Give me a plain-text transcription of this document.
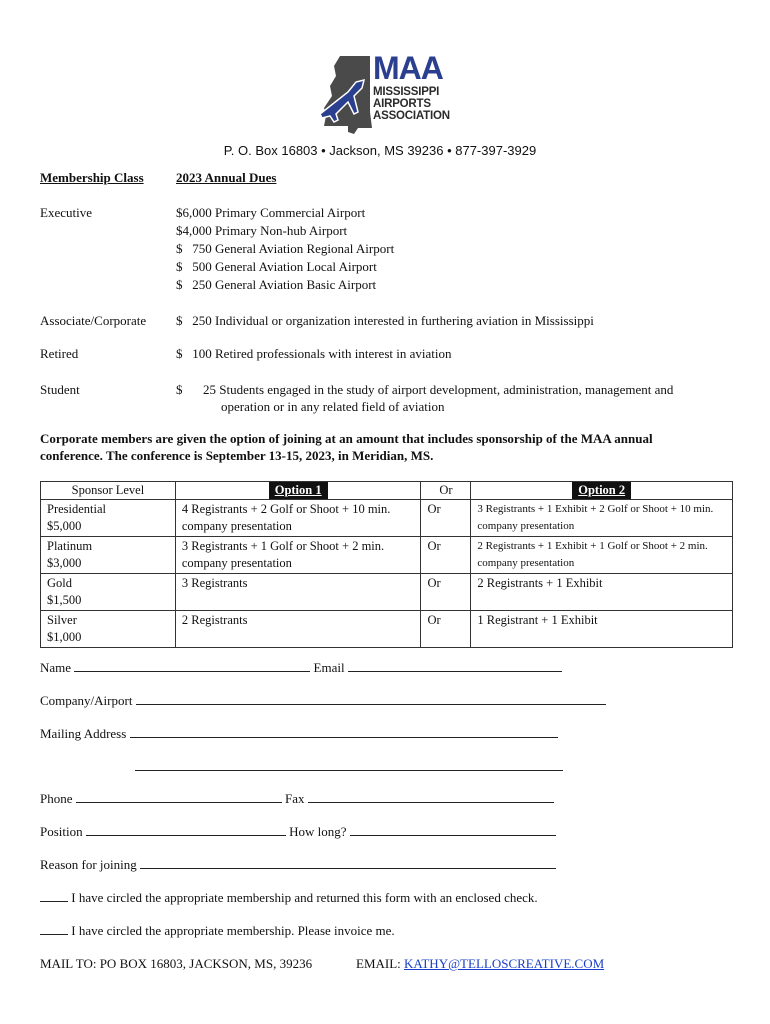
MAA
MISSISSIPPI
AIRPORTS
ASSOCIATION
P. O. Box 16803 • Jackson, MS 39236 • 877-397-3929
Membership Class	2023 Annual Dues
Executive	$6,000 Primary Commercial Airport
$4,000 Primary Non-hub Airport
$   750 General Aviation Regional Airport
$   500 General Aviation Local Airport
$   250 General Aviation Basic Airport
Associate/Corporate $   250 Individual or organization interested in furthering aviation in Mississippi
Retired	$   100 Retired professionals with interest in aviation
Student	$ 25 Students engaged in the study of airport development, administration, management and
operation or in any related field of aviation
Corporate members are given the option of joining at an amount that includes sponsorship of the MAA annual
conference. The conference is September 13-15, 2023, in Meridian, MS.
Sponsor Level	Option 1	Or	Option 2

Presidential
$5,000	4 Registrants + 2 Golf or Shoot + 10 min. company presentation	Or	3 Registrants + 1 Exhibit + 2 Golf or Shoot + 10 min. company presentation

Platinum
$3,000	3 Registrants + 1 Golf or Shoot + 2 min. company presentation	Or	2 Registrants + 1 Exhibit + 1 Golf or Shoot + 2 min. company presentation

Gold
$1,500	3 Registrants	Or	2 Registrants + 1 Exhibit

Silver
$1,000	2 Registrants	Or	1 Registrant + 1 Exhibit
Name	Email
Company/Airport
Mailing Address
Phone	Fax
Position	How long?
Reason for joining
I have circled the appropriate membership and returned this form with an enclosed check.
I have circled the appropriate membership. Please invoice me.
MAIL TO: PO BOX 16803, JACKSON, MS, 39236	EMAIL: KATHY@TELLOSCREATIVE.COM
